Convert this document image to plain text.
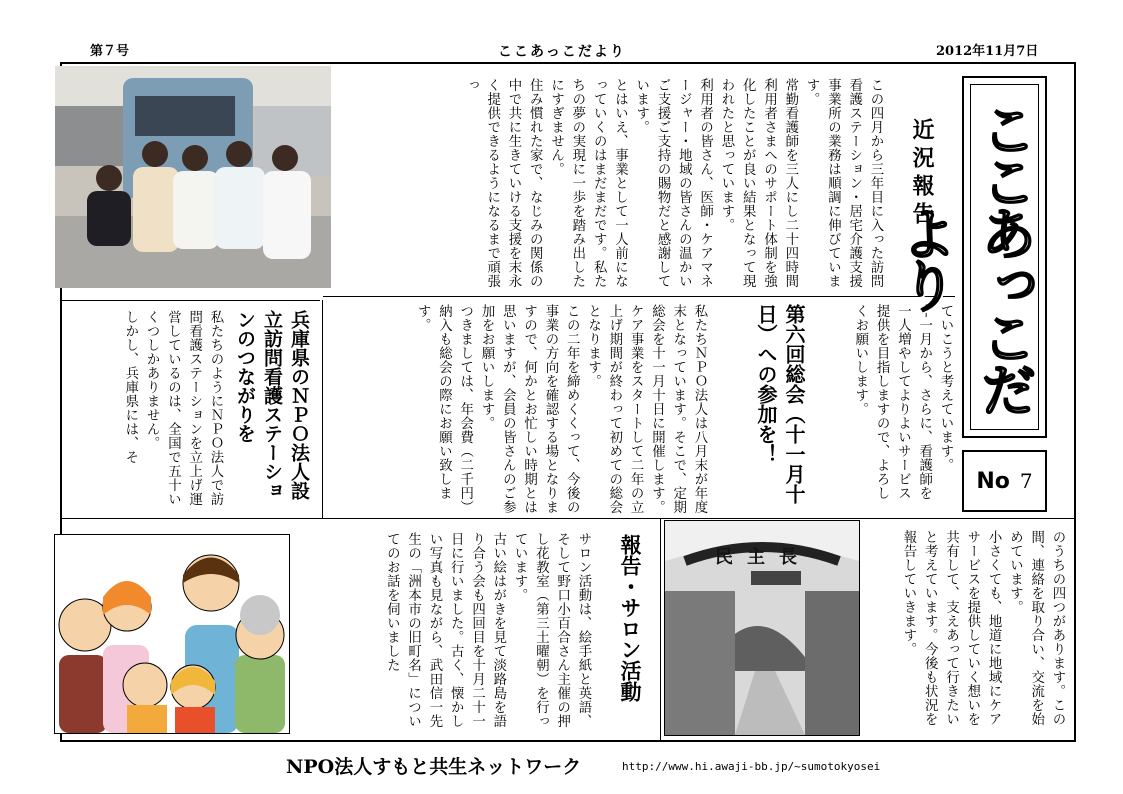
第７号	ここあっこだより	2012年11月7日
近況報告
この四月から三年目に入った訪問看護ステーション・居宅介護支援事業所の業務は順調に伸びています。
常勤看護師を三人にし二十四時間利用者さまへのサポート体制を強化したことが良い結果となって現われたと思っています。
利用者の皆さん、医師・ケアマネージャー・地域の皆さんの温かいご支援ご支持の賜物だと感謝しています。
とはいえ、事業として一人前になっていくのはまだまだです。私たちの夢の実現に一歩を踏み出したにすぎません。
住み慣れた家で、なじみの関係の中で共に生きていける支援を末永く提供できるようになるまで頑張っ
ていこうと考えています。
十一月から、さらに、看護師を一人増やしてよりよいサービス提供を目指しますので、よろしくお願いします。	ここあっこだより
No 7
第六回総会（十一月十日）への参加を！
私たちＮＰＯ法人は八月末が年度末となっています。そこで、定期総会を十一月十日に開催します。
ケア事業をスタートして二年の立上げ期間が終わって初めての総会となります。
この二年を締めくくって、今後の事業の方向を確認する場となりますので、何かとお忙しい時期とは思いますが、会員の皆さんのご参加をお願いします。
つきましては、年会費（二千円）納入も総会の際にお願い致します。
兵庫県のＮＰＯ法人設立訪問看護ステーションのつながりを
私たちのようにＮＰＯ法人で訪問看護ステーションを立上げ運営しているのは、全国で五十いくつしかありません。
しかし、兵庫県には、そ
のうちの四つがあります。この間、連絡を取り合い、交流を始めています。
小さくても、地道に地域にケアサービスを提供していく想いを共有して、支えあって行きたいと考えています。今後も状況を報告していきます。
報告・サロン活動
サロン活動は、絵手紙と英語、そして野口小百合さん主催の押し花教室（第三土曜朝）を行っています。
古い絵はがきを見て淡路島を語り合う会も四回目を十月二十一日に行いました。古く、懐かしい写真も見ながら、武田信一先生の「洲本市の旧町名」についてのお話を伺いました	民主長
NPO法人すもと共生ネットワーク	http://www.hi.awaji-bb.jp/~sumotokyosei
